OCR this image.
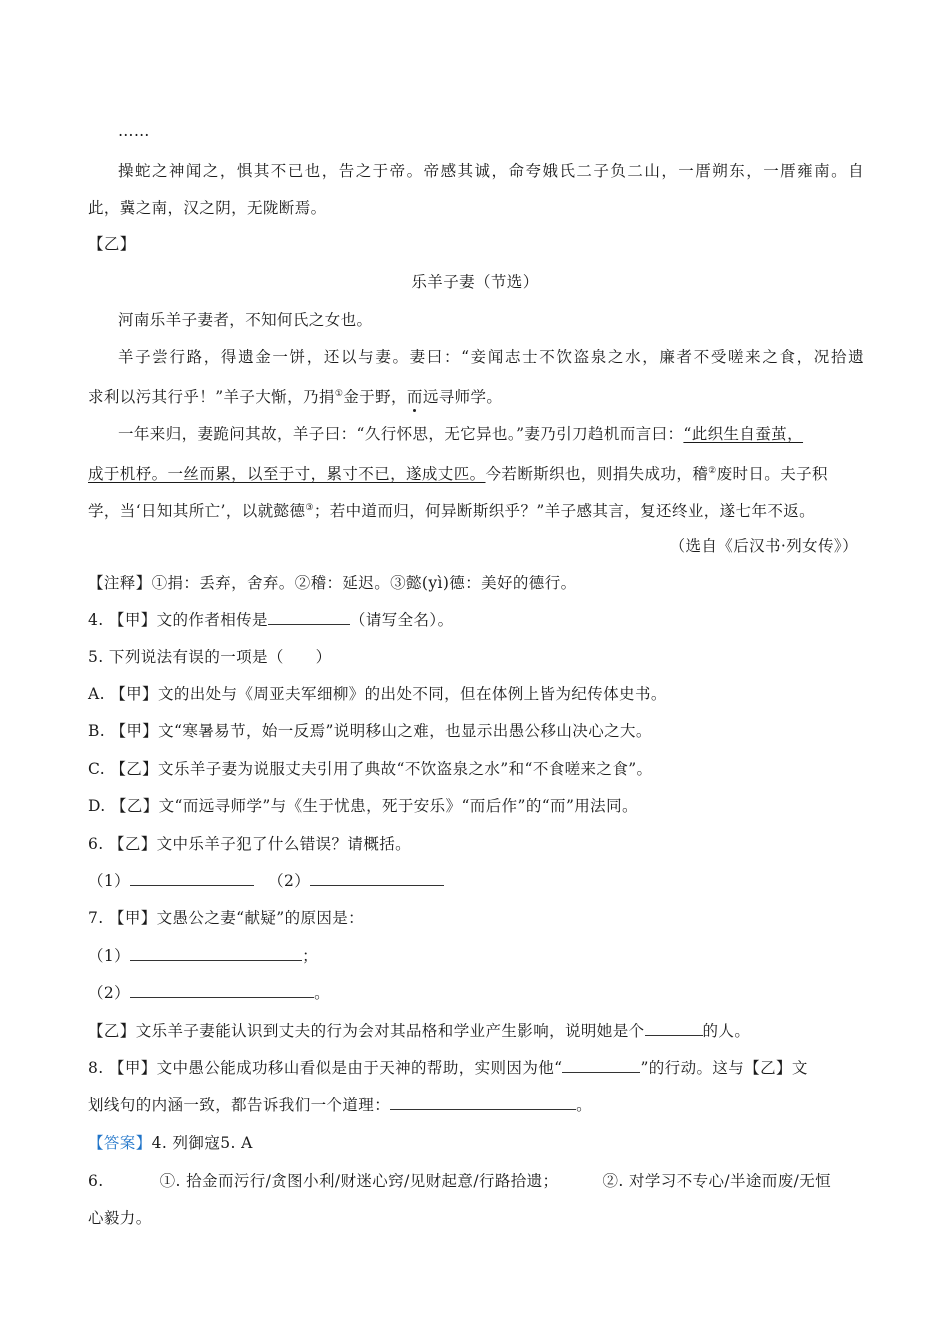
……
操蛇之神闻之，惧其不已也，告之于帝。帝感其诚，命夸娥氏二子负二山，一厝朔东，一厝雍南。自
此，冀之南，汉之阴，无陇断焉。
【乙】
乐羊子妻（节选）
河南乐羊子妻者，不知何氏之女也。
羊子尝行路，得遗金一饼，还以与妻。妻曰：“妾闻志士不饮盗泉之水，廉者不受嗟来之食，况拾遗
求利以污其行乎！”羊子大惭，乃捐①金于野，而远寻师学。
一年来归，妻跪问其故，羊子曰：“久行怀思，无它异也。”妻乃引刀趋机而言曰：“此织生自蚕茧，
成于机杼。一丝而累，以至于寸，累寸不已，遂成丈匹。今若断斯织也，则捐失成功，稽②废时日。夫子积
学，当‘日知其所亡’，以就懿德③；若中道而归，何异断斯织乎？”羊子感其言，复还终业，遂七年不返。
（选自《后汉书·列女传》）
【注释】①捐：丢弃，舍弃。②稽：延迟。③懿(yì)德：美好的德行。
4. 【甲】文的作者相传是	（请写全名）。
5. 下列说法有误的一项是（　　）
A. 【甲】文的出处与《周亚夫军细柳》的出处不同，但在体例上皆为纪传体史书。
B. 【甲】文“寒暑易节，始一反焉”说明移山之难，也显示出愚公移山决心之大。
C. 【乙】文乐羊子妻为说服丈夫引用了典故“不饮盗泉之水”和“不食嗟来之食”。
D. 【乙】文“而远寻师学”与《生于忧患，死于安乐》“而后作”的“而”用法同。
6. 【乙】文中乐羊子犯了什么错误？请概括。
（1）	（2）
7. 【甲】文愚公之妻“献疑”的原因是：
（1）	；
（2）	。
【乙】文乐羊子妻能认识到丈夫的行为会对其品格和学业产生影响，说明她是个	的人。
8. 【甲】文中愚公能成功移山看似是由于天神的帮助，实则因为他“	”的行动。这与【乙】文
划线句的内涵一致，都告诉我们一个道理：	。
【答案】4. 列御寇5. A
6.	①. 拾金而污行/贪图小利/财迷心窍/见财起意/行路拾遗；	②. 对学习不专心/半途而废/无恒
心毅力。
